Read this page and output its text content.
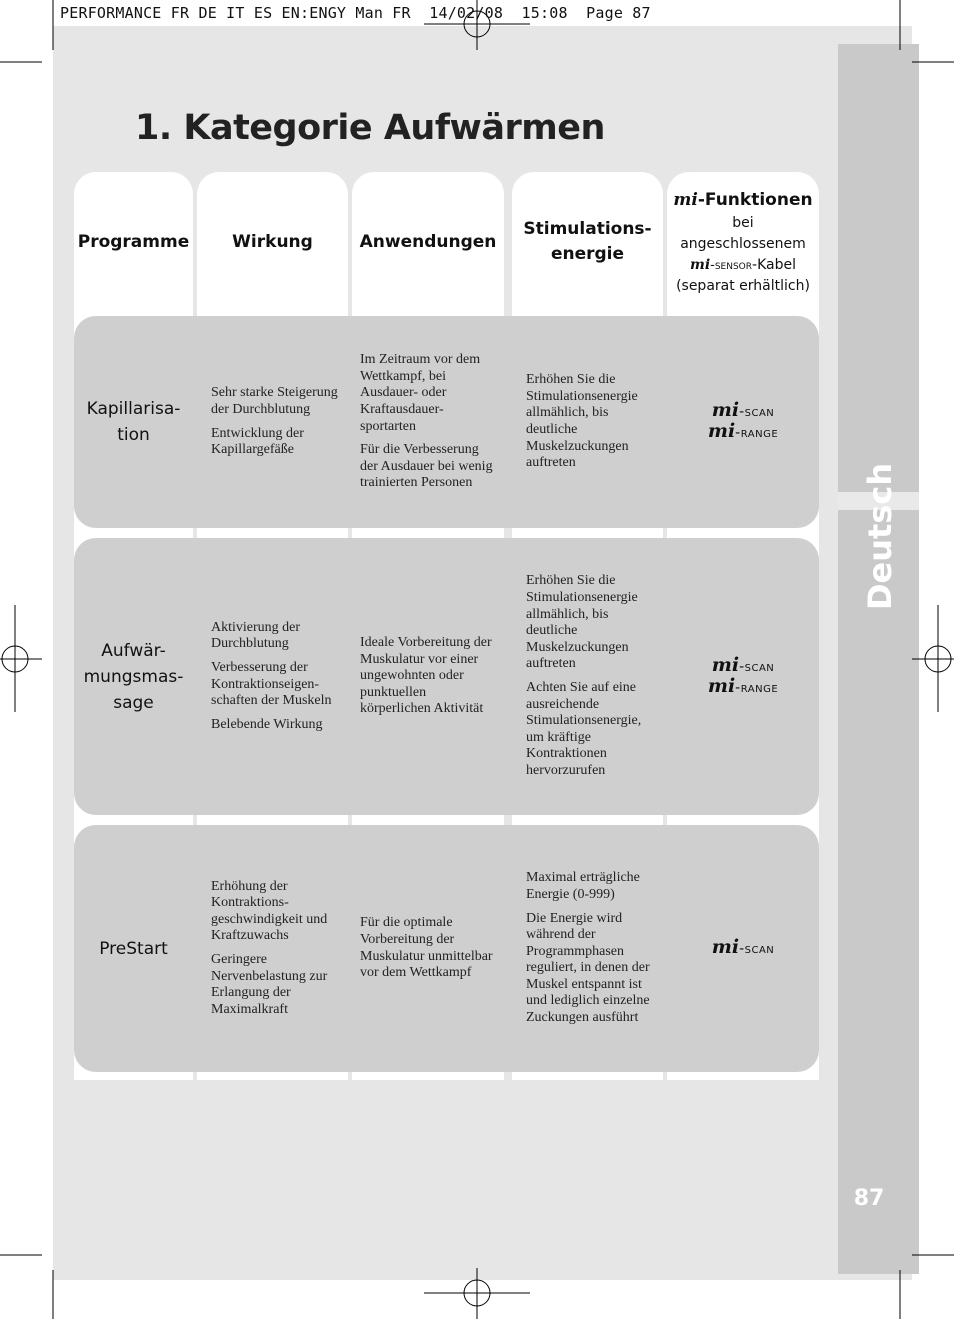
PERFORMANCE FR DE IT ES EN:ENGY Man FR  14/02/08  15:08  Page 87
Deutsch
87
1. Kategorie Aufwärmen
Programme	Wirkung	Anwendungen
Stimulations-
energie
mi-Funktionen
bei
angeschlossenem
mi-sensor-Kabel
(separat erhältlich)
Kapillarisa-
tion

Sehr starke Steigerung der Durchblutung

Entwicklung der Kapillargefäße

Im Zeitraum vor dem Wettkampf, bei Ausdauer- oder Kraftausdauer-sportarten

Für die Verbesserung der Ausdauer bei wenig trainierten Personen

Erhöhen Sie die Stimulationsenergie allmählich, bis deutliche Muskelzuckungen auftreten

mi-scan
mi-range
Aufwär-
mungsmas-
sage

Aktivierung der Durchblutung

Verbesserung der Kontraktionseigen-schaften der Muskeln

Belebende Wirkung

Ideale Vorbereitung der Muskulatur vor einer ungewohnten oder punktuellen körperlichen Aktivität

Erhöhen Sie die Stimulationsenergie allmählich, bis deutliche Muskelzuckungen auftreten

Achten Sie auf eine ausreichende Stimulationsenergie, um kräftige Kontraktionen hervorzurufen

mi-scan
mi-range
PreStart

Erhöhung der Kontraktions-geschwindigkeit und Kraftzuwachs

Geringere Nervenbelastung zur Erlangung der Maximalkraft

Für die optimale Vorbereitung der Muskulatur unmittelbar vor dem Wettkampf

Maximal erträgliche Energie (0-999)

Die Energie wird während der Programmphasen reguliert, in denen der Muskel entspannt ist und lediglich einzelne Zuckungen ausführt

mi-scan
